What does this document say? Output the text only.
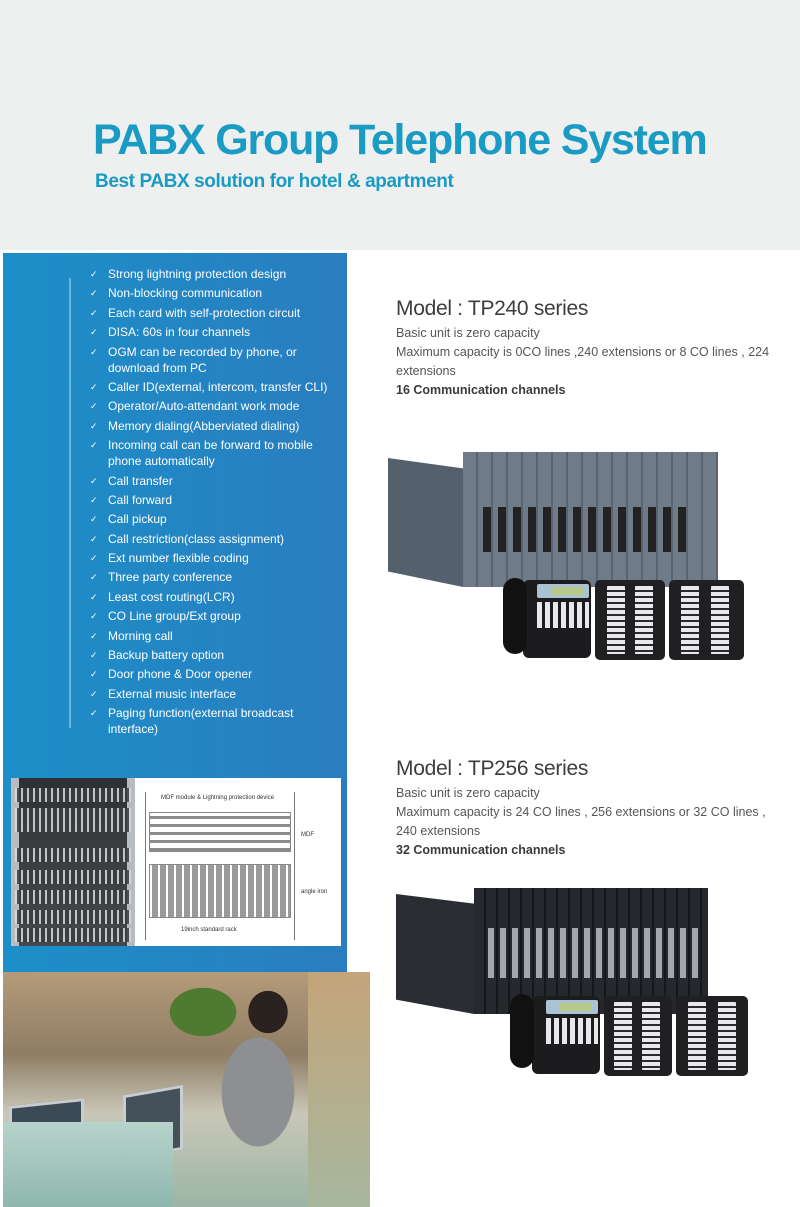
PABX Group Telephone System
Best PABX solution for hotel & apartment
✓ Strong lightning protection design
✓ Non-blocking communication
✓ Each card with self-protection circuit
✓ DISA: 60s in four channels
✓ OGM can be recorded by phone, or download from PC
✓ Caller ID(external, intercom, transfer CLI)
✓ Operator/Auto-attendant work mode
✓ Memory dialing(Abberviated dialing)
✓ Incoming call can be forward to mobile phone automatically
✓ Call transfer
✓ Call forward
✓ Call pickup
✓ Call restriction(class assignment)
✓ Ext number flexible coding
✓ Three party conference
✓ Least cost routing(LCR)
✓ CO Line group/Ext group
✓ Morning call
✓ Backup battery option
✓ Door phone & Door opener
✓ External music interface
✓ Paging function(external broadcast interface)
MDF module & Lightning protection device
19inch standard rack
MDF
angle iron
Model : TP240 series

Basic unit is zero capacity

Maximum capacity is 0CO lines ,240 extensions or 8 CO lines , 224 extensions

16 Communication channels

Model : TP256 series

Basic unit is zero capacity

Maximum capacity is 24 CO lines , 256 extensions or 32 CO lines , 240 extensions

32 Communication channels
